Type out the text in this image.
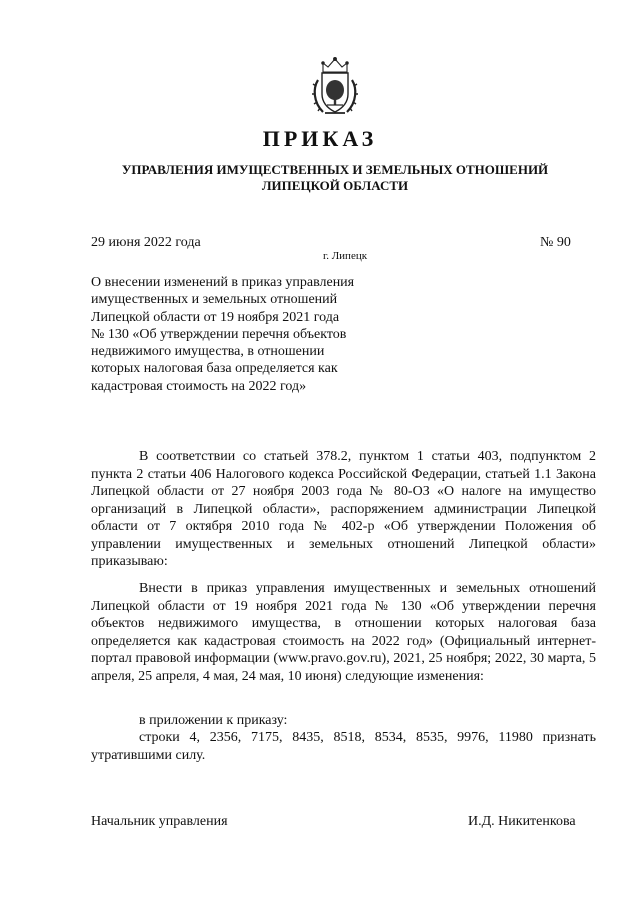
ПРИКАЗ
УПРАВЛЕНИЯ ИМУЩЕСТВЕННЫХ И ЗЕМЕЛЬНЫХ ОТНОШЕНИЙ
ЛИПЕЦКОЙ ОБЛАСТИ
29 июня 2022 года	№ 90
г. Липецк
О внесении изменений в приказ управления
имущественных и земельных отношений
Липецкой области от 19 ноября 2021 года
№ 130 «Об утверждении перечня объектов
недвижимого имущества, в отношении
которых налоговая база определяется как
кадастровая стоимость на 2022 год»
В соответствии со статьей 378.2, пунктом 1 статьи 403, подпунктом 2 пункта 2 статьи 406 Налогового кодекса Российской Федерации, статьей 1.1 Закона Липецкой области от 27 ноября 2003 года № 80-ОЗ «О налоге на имущество организаций в Липецкой области», распоряжением администрации Липецкой области от 7 октября 2010 года № 402-р «Об утверждении Положения об управлении имущественных и земельных отношений Липецкой области» приказываю:
Внести в приказ управления имущественных и земельных отношений Липецкой области от 19 ноября 2021 года № 130 «Об утверждении перечня объектов недвижимого имущества, в отношении которых налоговая база определяется как кадастровая стоимость на 2022 год» (Официальный интернет-портал правовой информации (www.pravo.gov.ru), 2021, 25 ноября; 2022, 30 марта, 5 апреля, 25 апреля, 4 мая, 24 мая, 10 июня) следующие изменения:
в приложении к приказу:
строки 4, 2356, 7175, 8435, 8518, 8534, 8535, 9976, 11980 признать утратившими силу.
Начальник управления	И.Д. Никитенкова
